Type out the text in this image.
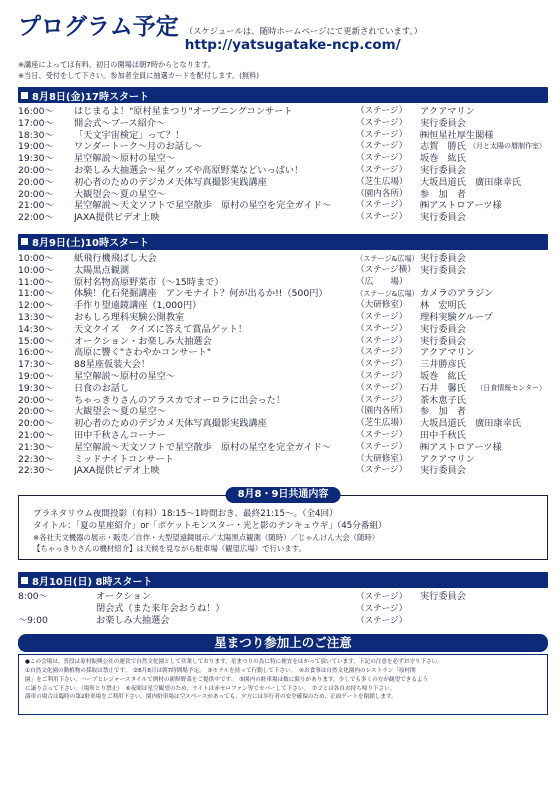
プログラム予定 （スケジュールは、随時ホームページにて更新されています。）
http://yatsugatake-ncp.com/
※講座によっては有料、初日の開場は朝7時からとなります。
※当日、受付をして下さい。参加者全員に抽選カードを配付します。(無料)
8月8日(金)17時スタート
16:00～	はじまるよ！"原村星まつり"オープニングコンサート	（ステージ）	アクアマリン
17:00～	開会式～ブース紹介～	（ステージ）	実行委員会
18:30～	「天文宇宙検定」って？！	（ステージ）	㈱恒星社厚生閣様
19:00～	ワンダートーク～月のお話し～	（ステージ）	志賀　勝氏 （月と太陽の暦制作室）
19:30～	星空解説～原村の星空～	（ステージ）	坂巻　紘氏
20:00～	お楽しみ大抽選会～星グッズや高原野菜などいっぱい！	（ステージ）	実行委員会
20:00～	初心者のためのデジカメ天体写真撮影実践講座	（芝生広場）	大坂昌道氏　廣田康幸氏
20:00～	大観望会～夏の星空～	（園内各所）	参　加　者
21:00～	星空解説～天文ソフトで星空散歩　原村の星空を完全ガイド～	（ステージ）	㈱アストロアーツ様
22:00～	JAXA提供ビデオ上映	（ステージ）	実行委員会
8月9日(土)10時スタート
10:00～	紙飛行機飛ばし大会	（ステージ&広場） 実行委員会
10:00～	太陽黒点観測	（ステージ横） 実行委員会
11:00～	原村名物高原野菜市（～15時まで）	（広　　場）
11:00～	体験！化石発掘講座　アンモナイト？何が出るか!!（500円）	（ステージ&広場） カメラのアラジン
12:00～	手作り望遠鏡講座（1,000円）	（大研修室）	林　宏明氏
13:30～	おもしろ理科実験公開教室	（ステージ）	理科実験グループ
14:30～	天文クイズ　クイズに答えて賞品ゲット！	（ステージ）	実行委員会
15:00～	オークション・お楽しみ大抽選会	（ステージ）	実行委員会
16:00～	高原に響く"さわやかコンサート"	（ステージ）	アクアマリン
17:30～	88星座仮装大会！	（ステージ）	三井勝彦氏
19:00～	星空解説～原村の星空～	（ステージ）	坂巻　紘氏
19:30～	日食のお話し	（ステージ）	石井　馨氏	（日食情報センター）
20:00～	ちゃっきりさんのアラスカでオーロラに出会った！	（ステージ）	茶木恵子氏
20:00～	大観望会～夏の星空～	（園内各所）	参　加　者
20:00～	初心者のためのデジカメ天体写真撮影実践講座	（芝生広場）	大坂昌道氏　廣田康幸氏
21:00～	田中千秋さんコーナー	（ステージ）	田中千秋氏
21:30～	星空解説～天文ソフトで星空散歩　原村の星空を完全ガイド～	（ステージ）	㈱アストロアーツ様
22:30～	ミッドナイトコンサート	（大研修室）	アクアマリン
22:30～	JAXA提供ビデオ上映	（ステージ）	実行委員会
8月8・9日共通内容
プラネタリウム夜間投影（有料）18:15～1時間おき、最終21:15～。（全4回）
タイトル：「夏の星座紹介」or「ポケットモンスター・光と影のテンキュウギ」（45分番組）
※各社天文機器の展示・販売／自作・大型望遠鏡展示／太陽黒点観測（随時）／じゃんけん大会（随時）
【ちゃっきりさんの機材紹介】は天候を見ながら駐車場（観望広場）で行います。
8月10日(日) 8時スタート
8:00～	オークション	（ステージ）	実行委員会
閉会式（また来年会おうね！）	（ステージ）
～9:00	お楽しみ大抽選会	（ステージ）
星まつり参加上のご注意
●この会場は、普段は原村振興公社の運営で自然文化園として営業しております。星まつりの為に特に便宜をはかって頂いています。下記の注意を必ずお守り下さい。
①自然文化園の動植物の採取は禁止です。　②8月8日は朝7時開場予定。　③モラルを持って行動して下さい。　④お食事は自然文化園内のレストラン「原村開
園」をご利用下さい。ハーブとレジャースタイルで開村の新鮮野菜をご提供中です。　⑤園内の駐車場は数に限りがあります。少しでも多くの方が観望できるよう
に譲り合って下さい。（場所とり禁止）　⑥夜間は星空観望のため、ライトは赤セロファン等でカバーして下さい。　⑦ゴミは各自お持ち帰り下さい。
満車の場合は臨時の第2駐車場をご利用下さい。園内駐車場は空スペースがあっても、夕方には歩行者の安全確保のため、正面ゲートを閉鎖します。
